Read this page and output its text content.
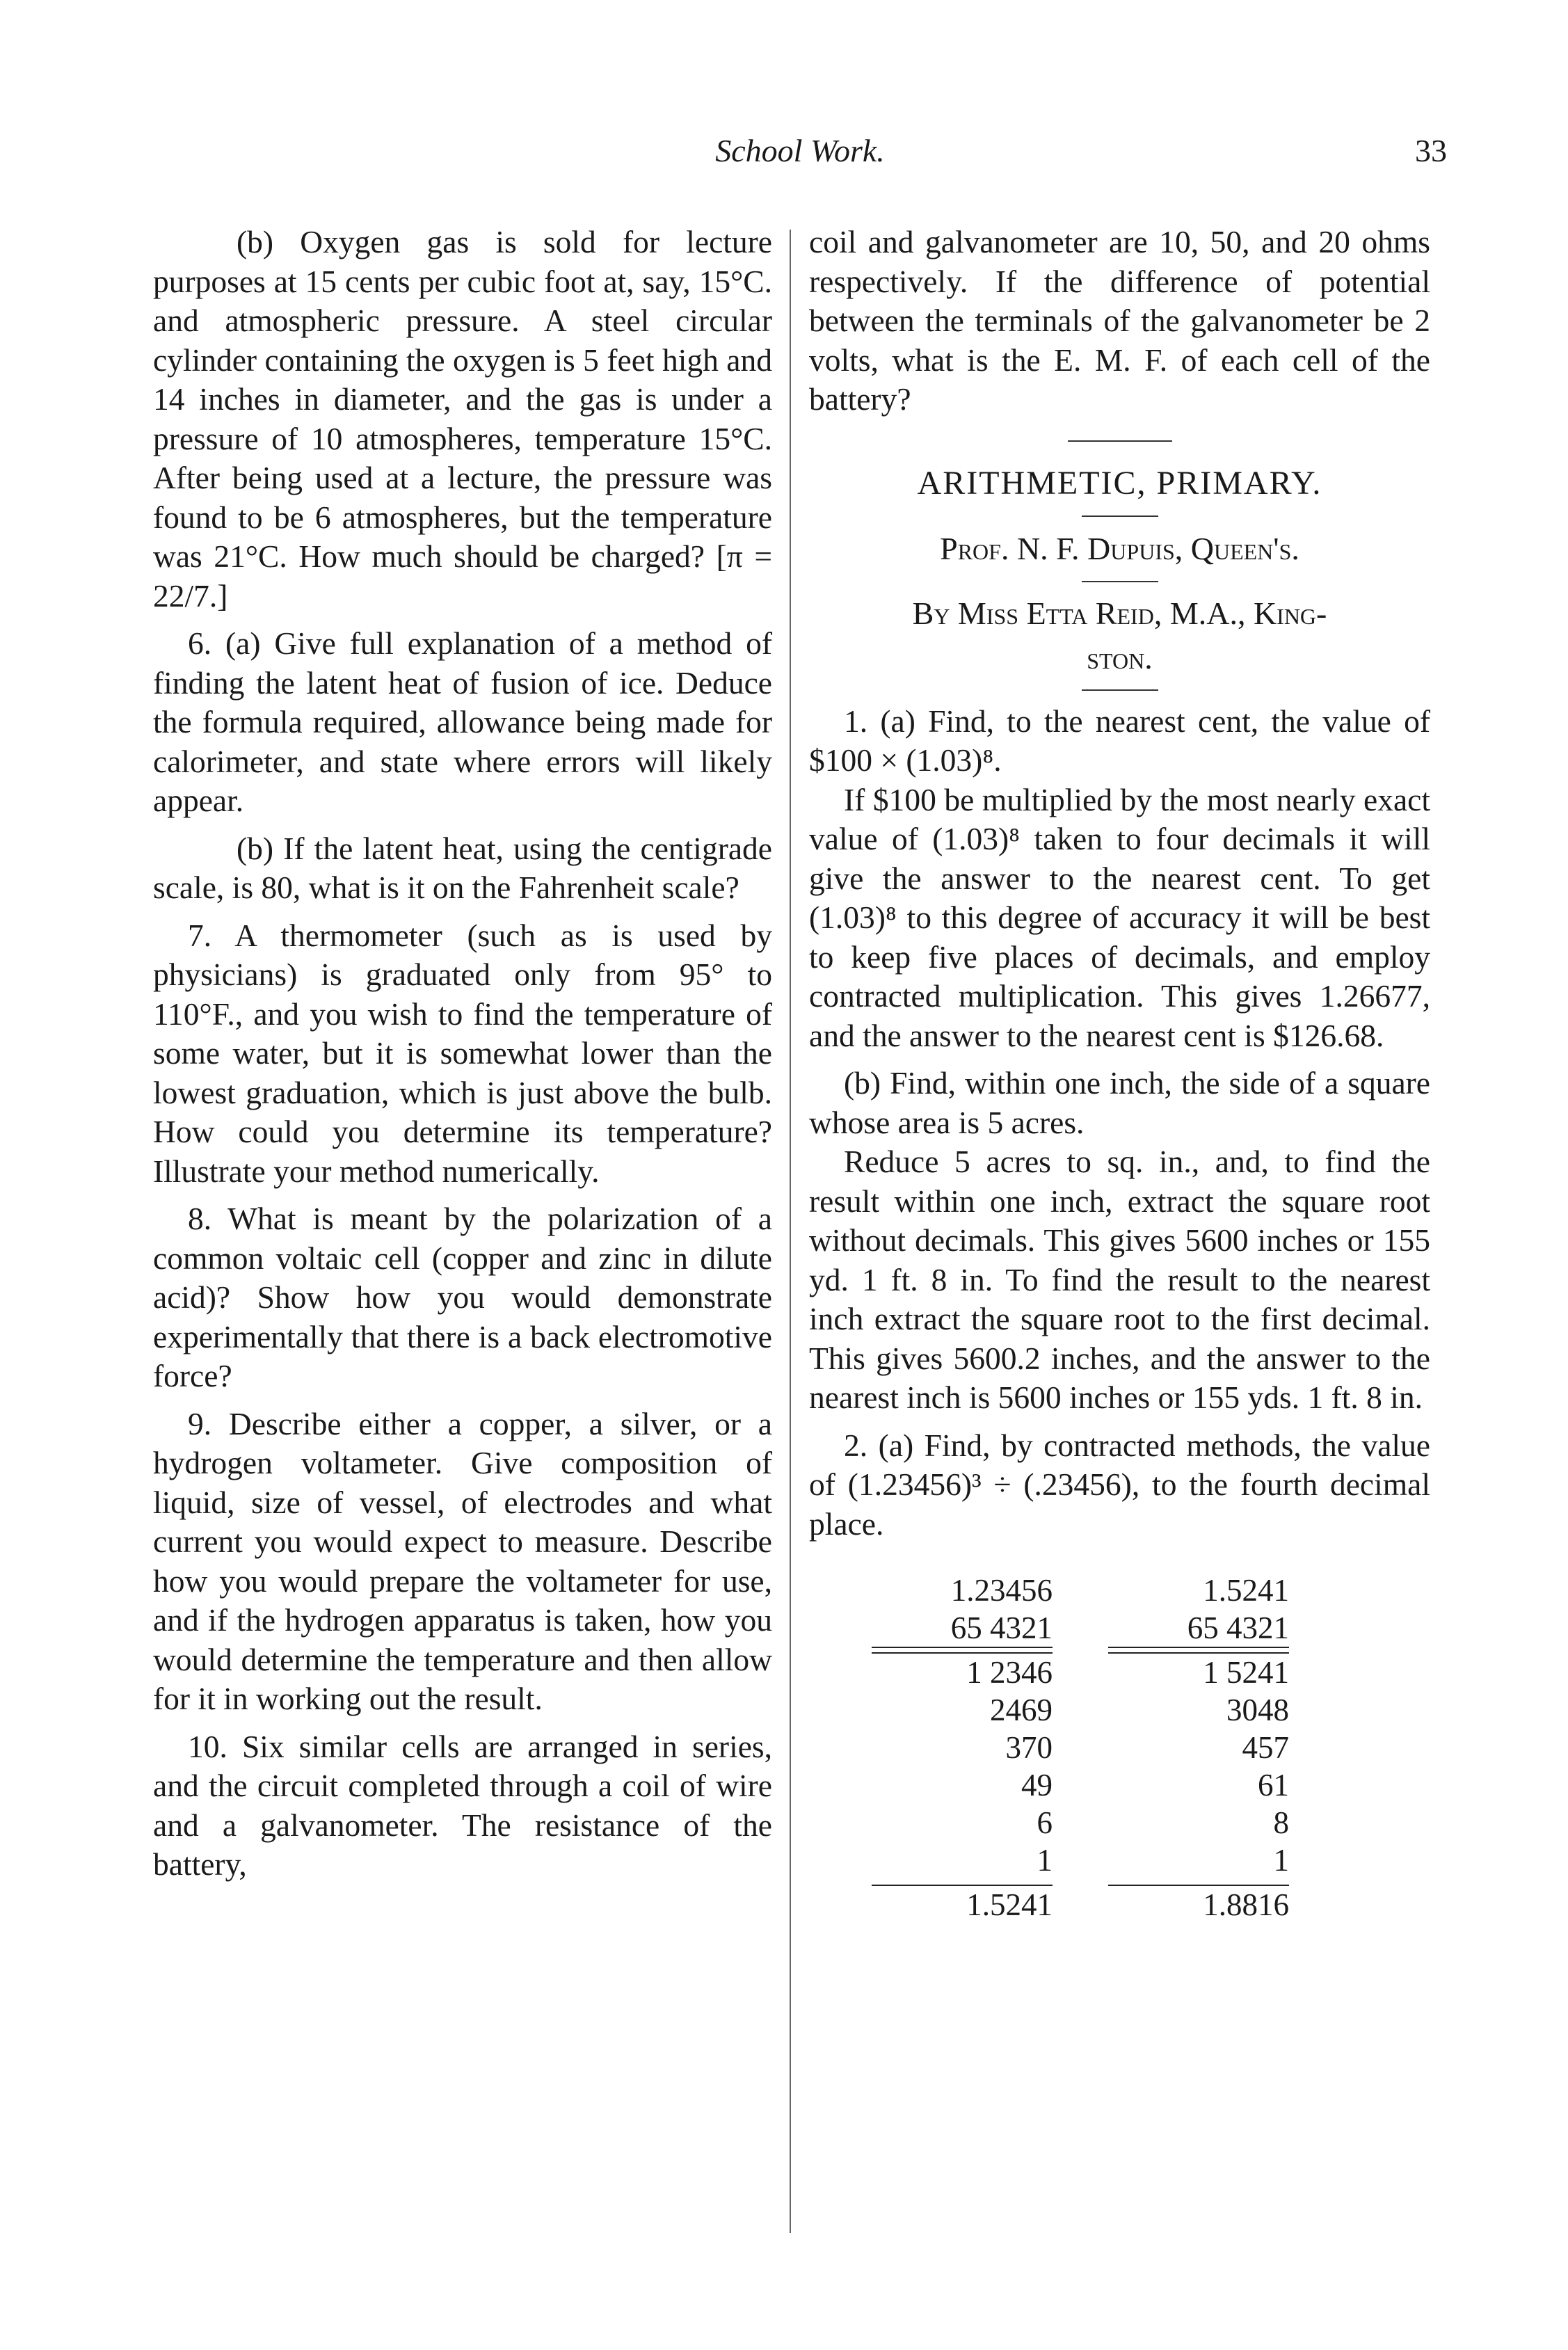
School Work.	33

(b) Oxygen gas is sold for lecture purposes at 15 cents per cubic foot at, say, 15°C. and atmospheric pressure. A steel circular cylinder containing the oxygen is 5 feet high and 14 inches in diameter, and the gas is under a pressure of 10 atmospheres, temperature 15°C. After being used at a lecture, the pressure was found to be 6 atmospheres, but the temperature was 21°C. How much should be charged? [π = 22/7.]

6. (a) Give full explanation of a method of finding the latent heat of fusion of ice. Deduce the formula required, allowance being made for calorimeter, and state where errors will likely appear.

(b) If the latent heat, using the centigrade scale, is 80, what is it on the Fahrenheit scale?

7. A thermometer (such as is used by physicians) is graduated only from 95° to 110°F., and you wish to find the temperature of some water, but it is somewhat lower than the lowest graduation, which is just above the bulb. How could you determine its temperature? Illustrate your method numerically.

8. What is meant by the polarization of a common voltaic cell (copper and zinc in dilute acid)? Show how you would demonstrate experimentally that there is a back electromotive force?

9. Describe either a copper, a silver, or a hydrogen voltameter. Give composition of liquid, size of vessel, of electrodes and what current you would expect to measure. Describe how you would prepare the voltameter for use, and if the hydrogen apparatus is taken, how you would determine the temperature and then allow for it in working out the result.

10. Six similar cells are arranged in series, and the circuit completed through a coil of wire and a galvanometer. The resistance of the battery,

coil and galvanometer are 10, 50, and 20 ohms respectively. If the difference of potential between the terminals of the galvanometer be 2 volts, what is the E. M. F. of each cell of the battery?

ARITHMETIC, PRIMARY.
Prof. N. F. Dupuis, Queen's.
By Miss Etta Reid, M.A., King-
ston.

1. (a) Find, to the nearest cent, the value of $100 × (1.03)⁸.

If $100 be multiplied by the most nearly exact value of (1.03)⁸ taken to four decimals it will give the answer to the nearest cent. To get (1.03)⁸ to this degree of accuracy it will be best to keep five places of decimals, and employ contracted multiplication. This gives 1.26677, and the answer to the nearest cent is $126.68.

(b) Find, within one inch, the side of a square whose area is 5 acres.

Reduce 5 acres to sq. in., and, to find the result within one inch, extract the square root without decimals. This gives 5600 inches or 155 yd. 1 ft. 8 in. To find the result to the nearest inch extract the square root to the first decimal. This gives 5600.2 inches, and the answer to the nearest inch is 5600 inches or 155 yds. 1 ft. 8 in.

2. (a) Find, by contracted methods, the value of (1.23456)³ ÷ (.23456), to the fourth decimal place.

1.23456
65 4321
1 2346
2469
370
49
6
1
1.5241
1.5241
65 4321
1 5241
3048
457
61
8
1
1.8816
